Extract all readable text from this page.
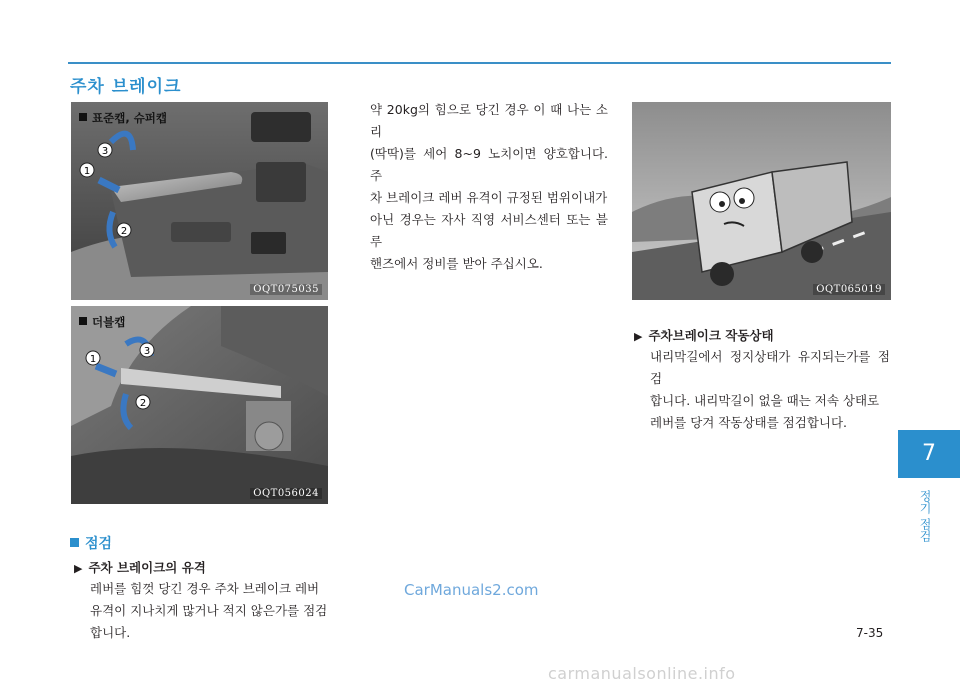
주차 브레이크
3
1
2
표준캡, 슈퍼캡
OQT075035
3
1
2
더블캡
OQT056024
OQT065019
점검
▶ 주차 브레이크의 유격
레버를 힘껏 당긴 경우 주차 브레이크 레버
유격이 지나치게 많거나 적지 않은가를 점검
합니다.
약 20kg의 힘으로 당긴 경우 이 때 나는 소리
(딱딱)를 세어 8~9 노치이면 양호합니다. 주
차 브레이크 레버 유격이 규정된 범위이내가
아닌 경우는 자사 직영 서비스센터 또는 블루
핸즈에서 정비를 받아 주십시오.
▶ 주차브레이크 작동상태
내리막길에서 정지상태가 유지되는가를 점검
합니다. 내리막길이 없을 때는 저속 상태로
레버를 당겨 작동상태를 점검합니다.
CarManuals2.com
7
정기 점검
7-35
carmanualsonline.info
